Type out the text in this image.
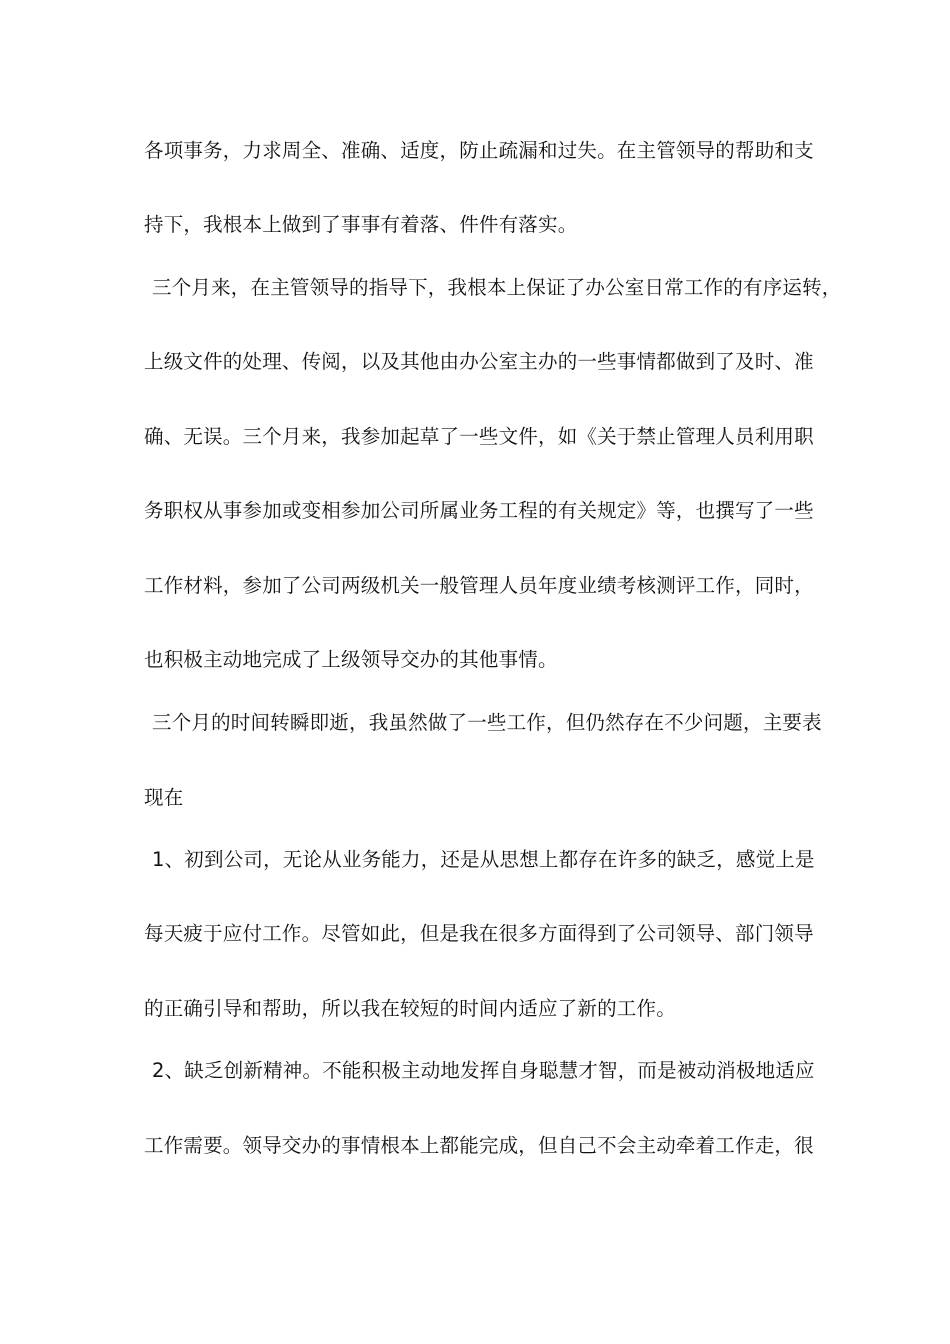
各项事务，力求周全、准确、适度，防止疏漏和过失。在主管领导的帮助和支
持下，我根本上做到了事事有着落、件件有落实。
三个月来，在主管领导的指导下，我根本上保证了办公室日常工作的有序运转，
上级文件的处理、传阅，以及其他由办公室主办的一些事情都做到了及时、准
确、无误。三个月来，我参加起草了一些文件，如《关于禁止管理人员利用职
务职权从事参加或变相参加公司所属业务工程的有关规定》等，也撰写了一些
工作材料，参加了公司两级机关一般管理人员年度业绩考核测评工作，同时，
也积极主动地完成了上级领导交办的其他事情。
三个月的时间转瞬即逝，我虽然做了一些工作，但仍然存在不少问题，主要表
现在
1、初到公司，无论从业务能力，还是从思想上都存在许多的缺乏，感觉上是
每天疲于应付工作。尽管如此，但是我在很多方面得到了公司领导、部门领导
的正确引导和帮助，所以我在较短的时间内适应了新的工作。
2、缺乏创新精神。不能积极主动地发挥自身聪慧才智，而是被动消极地适应
工作需要。领导交办的事情根本上都能完成，但自己不会主动牵着工作走，很
